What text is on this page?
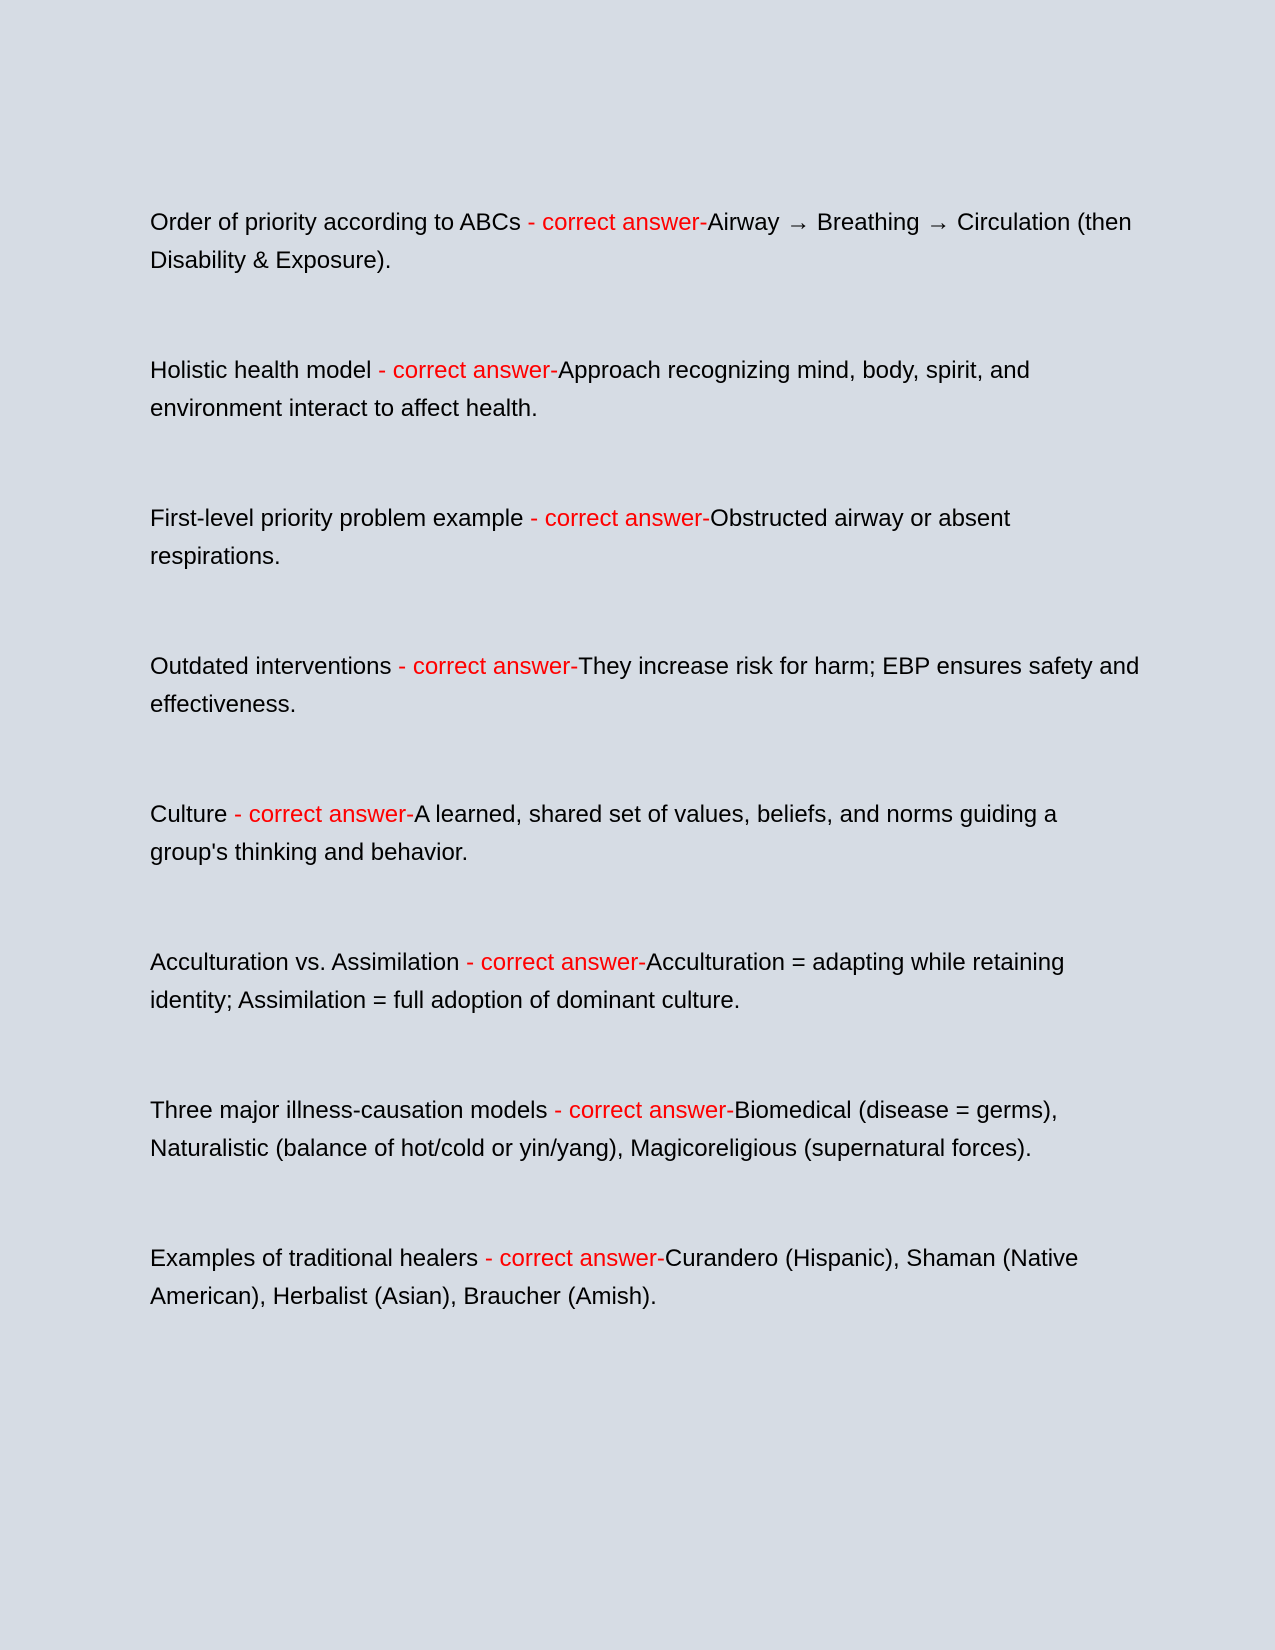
Order of priority according to ABCs - correct answer-Airway → Breathing → Circulation (then Disability & Exposure).

Holistic health model - correct answer-Approach recognizing mind, body, spirit, and environment interact to affect health.

First-level priority problem example - correct answer-Obstructed airway or absent respirations.

Outdated interventions - correct answer-They increase risk for harm; EBP ensures safety and effectiveness.

Culture - correct answer-A learned, shared set of values, beliefs, and norms guiding a group's thinking and behavior.

Acculturation vs. Assimilation - correct answer-Acculturation = adapting while retaining identity; Assimilation = full adoption of dominant culture.

Three major illness-causation models - correct answer-Biomedical (disease = germs), Naturalistic (balance of hot/cold or yin/yang), Magicoreligious (supernatural forces).

Examples of traditional healers - correct answer-Curandero (Hispanic), Shaman (Native American), Herbalist (Asian), Braucher (Amish).
